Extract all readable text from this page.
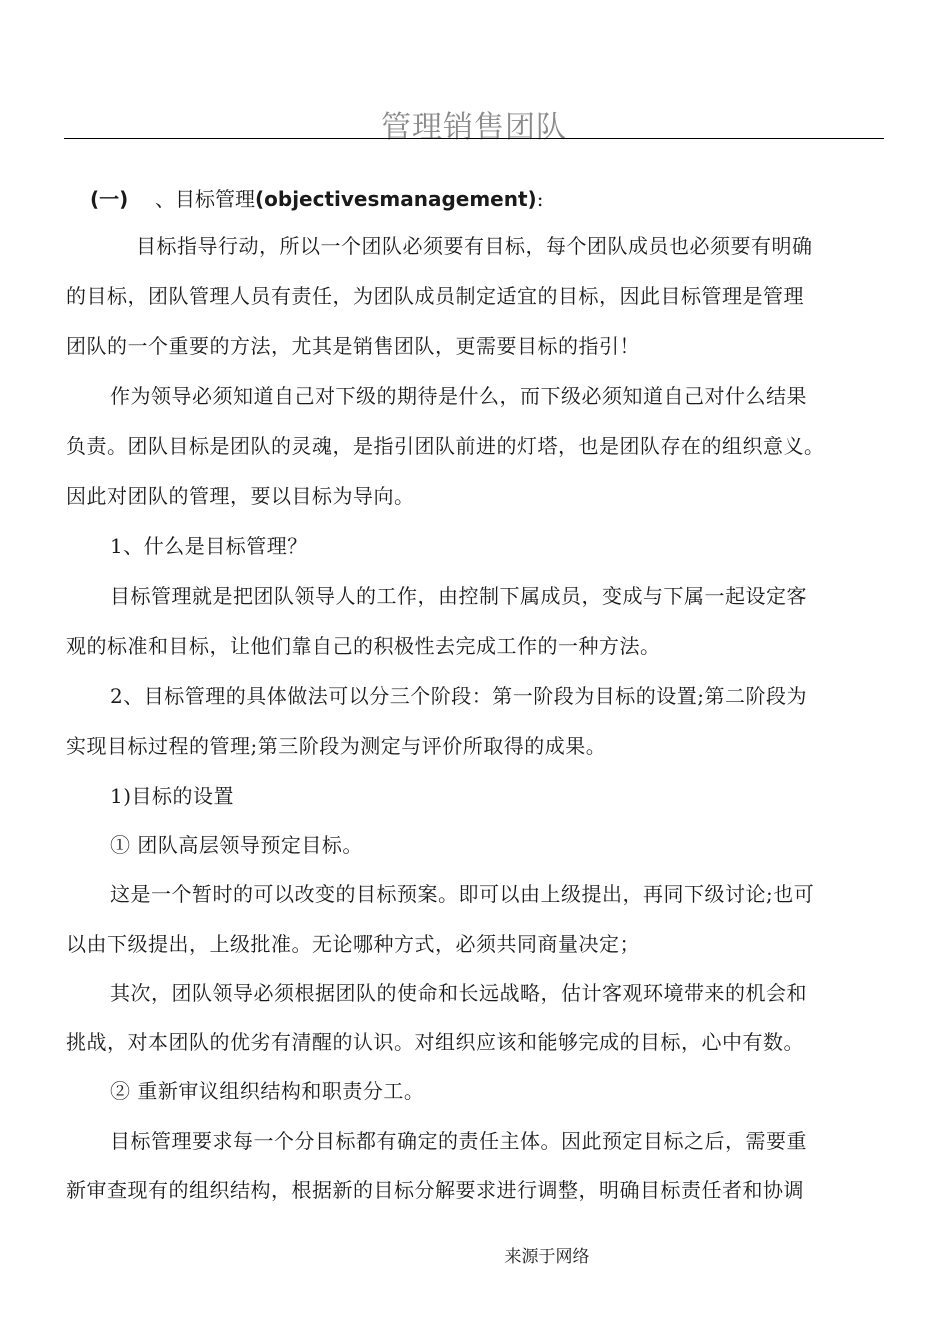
管理销售团队
(一) 、目标管理(objectivesmanagement):
目标指导行动，所以一个团队必须要有目标，每个团队成员也必须要有明确
的目标，团队管理人员有责任，为团队成员制定适宜的目标，因此目标管理是管理
团队的一个重要的方法，尤其是销售团队，更需要目标的指引！
作为领导必须知道自己对下级的期待是什么，而下级必须知道自己对什么结果
负责。团队目标是团队的灵魂，是指引团队前进的灯塔，也是团队存在的组织意义。
因此对团队的管理，要以目标为导向。
1、什么是目标管理？
目标管理就是把团队领导人的工作，由控制下属成员，变成与下属一起设定客
观的标准和目标，让他们靠自己的积极性去完成工作的一种方法。
2、目标管理的具体做法可以分三个阶段：第一阶段为目标的设置;第二阶段为
实现目标过程的管理;第三阶段为测定与评价所取得的成果。
1)目标的设置
① 团队高层领导预定目标。
这是一个暂时的可以改变的目标预案。即可以由上级提出，再同下级讨论;也可
以由下级提出，上级批准。无论哪种方式，必须共同商量决定；
其次，团队领导必须根据团队的使命和长远战略，估计客观环境带来的机会和
挑战，对本团队的优劣有清醒的认识。对组织应该和能够完成的目标，心中有数。
② 重新审议组织结构和职责分工。
目标管理要求每一个分目标都有确定的责任主体。因此预定目标之后，需要重
新审查现有的组织结构，根据新的目标分解要求进行调整，明确目标责任者和协调
来源于网络
